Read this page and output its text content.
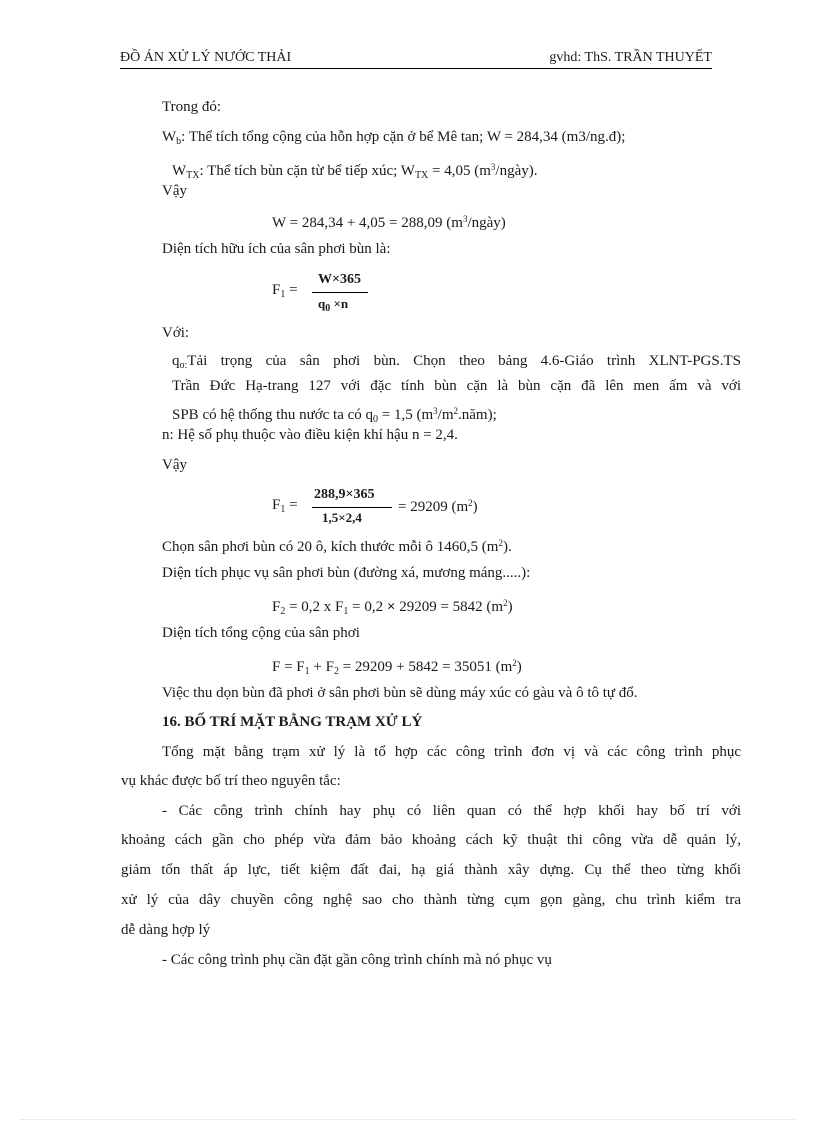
ĐỒ ÁN XỬ LÝ NƯỚC THẢI	gvhd: ThS. TRẦN THUYẾT
Trong đó:
$W_b$: Thể tích tổng cộng của hỗn hợp cặn ở bể Mê tan; W = 284,34 (m3/ng.đ);
$W_{TX}$: Thể tích bùn cặn từ bể tiếp xúc; $W_{TX} = 4,05$ $(m^3/ngày)$.
Vậy
W = 284,34 + 4,05 = 288,09 $(m^3/ngày)$
Diện tích hữu ích của sân phơi bùn là:
$F_1$ =
W×365
$q_0 \times n$
Với:
$q_{o:}Tải$ trọng của sân phơi bùn. Chọn theo bảng 4.6-Giáo trình XLNT-PGS.TS
Trần Đức Hạ-trang 127 với đặc tính bùn cặn là bùn cặn đã lên men ấm và với
SPB có hệ thống thu nước ta có $q_0 = 1,5$ $(m^3/m^2.năm)$;
n: Hệ số phụ thuộc vào điều kiện khí hậu n = 2,4.
Vậy
$F_1$ =
288,9×365
1,5×2,4
= 29209 $(m^2)$
Chọn sân phơi bùn có 20 ô, kích thước mỗi ô 1460,5 $(m^2)$.
Diện tích phục vụ sân phơi bùn (đường xá, mương máng.....):
$F_2 = 0,2$ x $F_1 = 0,2 \times 29209 = 5842$ $(m^2)$
Diện tích tổng cộng của sân phơi
$F = F_1 + F_2 = 29209 + 5842 = 35051$ $(m^2)$
Việc thu dọn bùn đã phơi ở sân phơi bùn sẽ dùng máy xúc có gàu và ô tô tự đổ.
16. BỐ TRÍ MẶT BẰNG TRẠM XỬ LÝ
Tổng mặt bằng trạm xử lý là tổ hợp các công trình đơn vị và các công trình phục
vụ khác được bố trí theo nguyên tắc:
- Các công trình chính hay phụ có liên quan có thể hợp khối hay bố trí với
khoảng cách gần cho phép vừa đảm bảo khoảng cách kỹ thuật thi công vừa dễ quản lý,
giảm tổn thất áp lực, tiết kiệm đất đai, hạ giá thành xây dựng. Cụ thể theo từng khối
xử lý của dây chuyền công nghệ sao cho thành từng cụm gọn gàng, chu trình kiểm tra
dễ dàng hợp lý
- Các công trình phụ cần đặt gần công trình chính mà nó phục vụ
